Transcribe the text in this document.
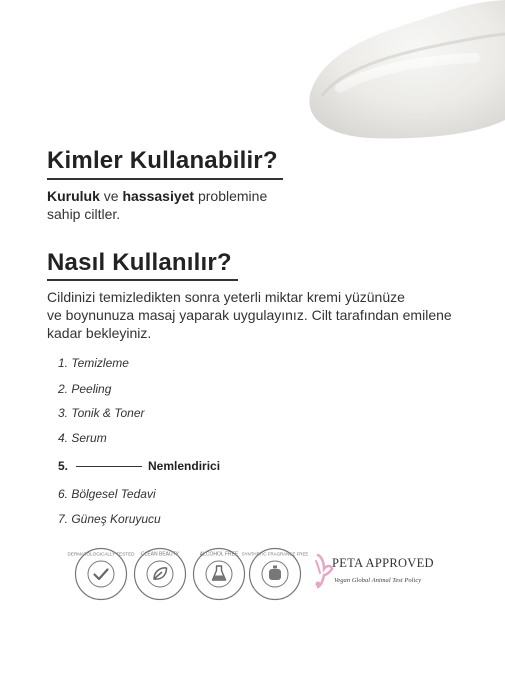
Kimler Kullanabilir?
Kuruluk ve hassasiyet problemine
sahip ciltler.
Nasıl Kullanılır?
Cildinizi temizledikten sonra yeterli miktar kremi yüzünüze
ve boynunuza masaj yaparak uygulayınız. Cilt tarafından emilene
kadar bekleyiniz.
1. Temizleme
2. Peeling
3. Tonik & Toner
4. Serum
5.	Nemlendirici
6. Bölgesel Tedavi
7. Güneş Koruyucu
DERMATOLOGICALLY TESTED CLEAN BEAUTY	ALCOHOL FREE SYNTHETIC FRAGRANCE FREE
PETA APPROVED
Vegan Global Animal Test Policy
